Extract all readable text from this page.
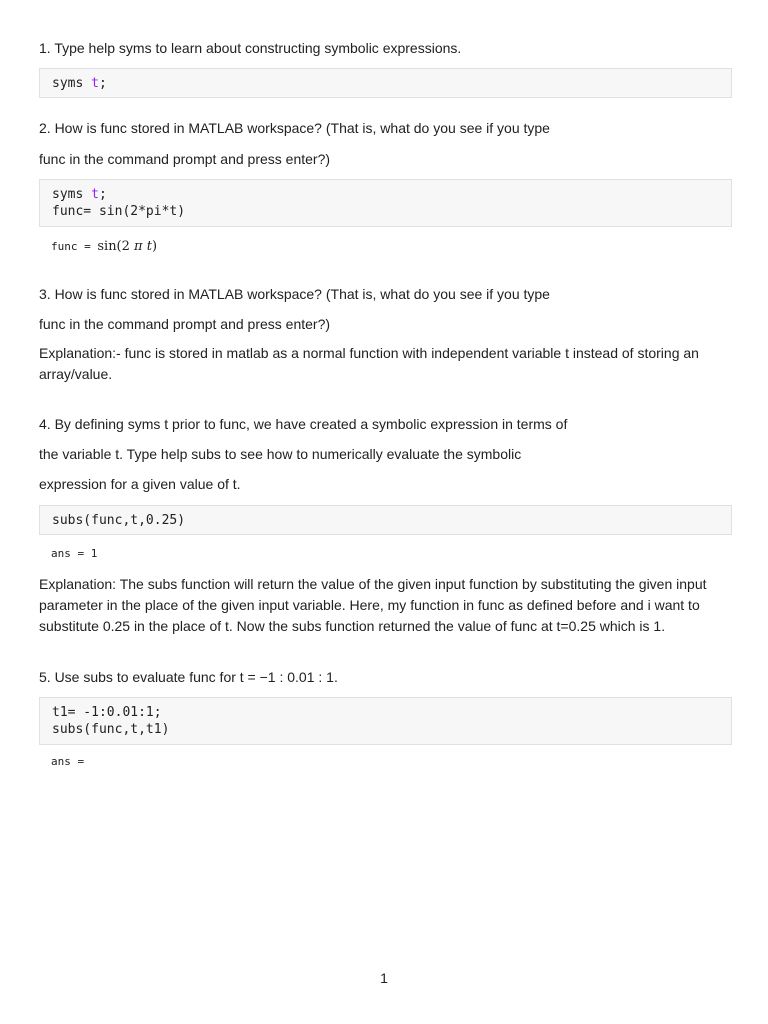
1. Type help syms to learn about constructing symbolic expressions.

syms t;

2. How is func stored in MATLAB workspace? (That is, what do you see if you type

func in the command prompt and press enter?)

syms t;
func= sin(2*pi*t)
func = sin(2 π t)

3. How is func stored in MATLAB workspace? (That is, what do you see if you type

func in the command prompt and press enter?)

Explanation:- func is stored in matlab as a normal function with independent variable t instead of storing an array/value.

4. By defining syms t prior to func, we have created a symbolic expression in terms of

the variable t. Type help subs to see how to numerically evaluate the symbolic

expression for a given value of t.

subs(func,t,0.25)
ans = 1

Explanation: The subs function will return the value of the given input function by substituting the given input parameter in the place of the given input variable. Here, my function in func as defined before and i want to substitute 0.25 in the place of t. Now the subs function returned the value of func at t=0.25 which is 1.

5. Use subs to evaluate func for t = −1 : 0.01 : 1.

t1= -1:0.01:1;
subs(func,t,t1)
ans =
1
